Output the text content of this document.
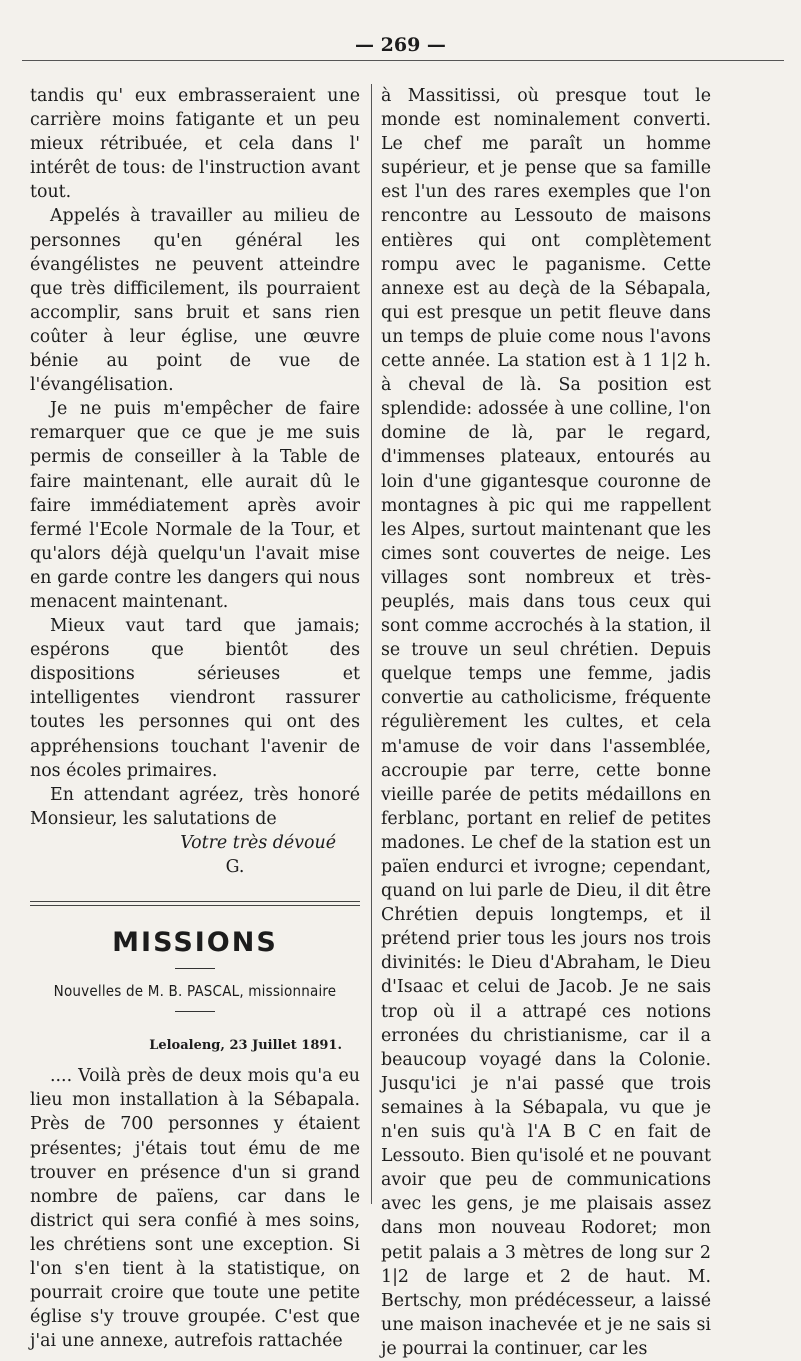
— 269 —

tandis qu' eux embrasseraient une carrière moins fatigante et un peu mieux rétribuée, et cela dans l' intérêt de tous: de l'instruction avant tout.

Appelés à travailler au milieu de personnes qu'en général les évangélistes ne peuvent atteindre que très difficilement, ils pourraient accomplir, sans bruit et sans rien coûter à leur église, une œuvre bénie au point de vue de l'évangélisation.

Je ne puis m'empêcher de faire remarquer que ce que je me suis permis de conseiller à la Table de faire maintenant, elle aurait dû le faire immédiatement après avoir fermé l'Ecole Normale de la Tour, et qu'alors déjà quelqu'un l'avait mise en garde contre les dangers qui nous menacent maintenant.

Mieux vaut tard que jamais; espérons que bientôt des dispositions sérieuses et intelligentes viendront rassurer toutes les personnes qui ont des appréhensions touchant l'avenir de nos écoles primaires.

En attendant agréez, très honoré Monsieur, les salutations de

Votre très dévoué
G.
MISSIONS
Nouvelles de M. B. PASCAL, missionnaire
Leloaleng, 23 Juillet 1891.

.... Voilà près de deux mois qu'a eu lieu mon installation à la Sébapala. Près de 700 personnes y étaient présentes; j'étais tout ému de me trouver en présence d'un si grand nombre de païens, car dans le district qui sera confié à mes soins, les chrétiens sont une exception. Si l'on s'en tient à la statistique, on pourrait croire que toute une petite église s'y trouve groupée. C'est que j'ai une annexe, autrefois rattachée

à Massitissi, où presque tout le monde est nominalement converti. Le chef me paraît un homme supérieur, et je pense que sa famille est l'un des rares exemples que l'on rencontre au Lessouto de maisons entières qui ont complètement rompu avec le paganisme. Cette annexe est au deçà de la Sébapala, qui est presque un petit fleuve dans un temps de pluie come nous l'avons cette année. La station est à 1 1|2 h. à cheval de là. Sa position est splendide: adossée à une colline, l'on domine de là, par le regard, d'immenses plateaux, entourés au loin d'une gigantesque couronne de montagnes à pic qui me rappellent les Alpes, surtout maintenant que les cimes sont couvertes de neige. Les villages sont nombreux et très-peuplés, mais dans tous ceux qui sont comme accrochés à la station, il se trouve un seul chrétien. Depuis quelque temps une femme, jadis convertie au catholicisme, fréquente régulièrement les cultes, et cela m'amuse de voir dans l'assemblée, accroupie par terre, cette bonne vieille parée de petits médaillons en ferblanc, portant en relief de petites madones. Le chef de la station est un païen endurci et ivrogne; cependant, quand on lui parle de Dieu, il dit être Chrétien depuis longtemps, et il prétend prier tous les jours nos trois divinités: le Dieu d'Abraham, le Dieu d'Isaac et celui de Jacob. Je ne sais trop où il a attrapé ces notions erronées du christianisme, car il a beaucoup voyagé dans la Colonie. Jusqu'ici je n'ai passé que trois semaines à la Sébapala, vu que je n'en suis qu'à l'A B C en fait de Lessouto. Bien qu'isolé et ne pouvant avoir que peu de communications avec les gens, je me plaisais assez dans mon nouveau Rodoret; mon petit palais a 3 mètres de long sur 2 1|2 de large et 2 de haut. M. Bertschy, mon prédécesseur, a laissé une maison inachevée et je ne sais si je pourrai la continuer, car les
